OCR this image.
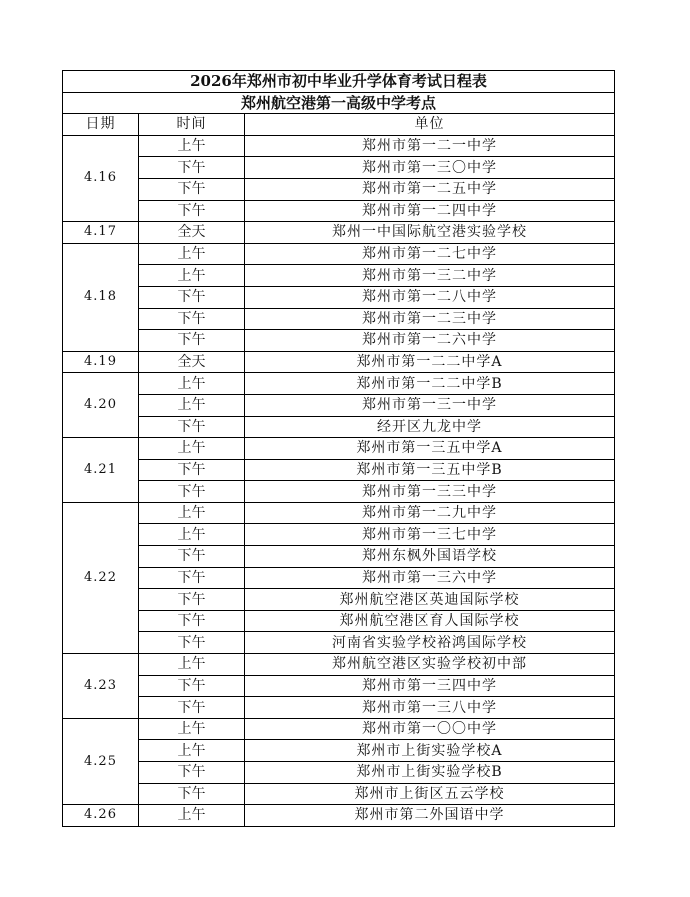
2026年郑州市初中毕业升学体育考试日程表		
郑州航空港第一高级中学考点		
日期	时间	单位
4.16	上午	郑州市第一二一中学
	下午	郑州市第一三〇中学
	下午	郑州市第一二五中学
	下午	郑州市第一二四中学
4.17	全天	郑州一中国际航空港实验学校
4.18	上午	郑州市第一二七中学
	上午	郑州市第一三二中学
	下午	郑州市第一二八中学
	下午	郑州市第一二三中学
	下午	郑州市第一二六中学
4.19	全天	郑州市第一二二中学A
4.20	上午	郑州市第一二二中学B
	上午	郑州市第一三一中学
	下午	经开区九龙中学
4.21	上午	郑州市第一三五中学A
	下午	郑州市第一三五中学B
	下午	郑州市第一三三中学
4.22	上午	郑州市第一二九中学
	上午	郑州市第一三七中学
	下午	郑州东枫外国语学校
	下午	郑州市第一三六中学
	下午	郑州航空港区英迪国际学校
	下午	郑州航空港区育人国际学校
	下午	河南省实验学校裕鸿国际学校
4.23	上午	郑州航空港区实验学校初中部
	下午	郑州市第一三四中学
	下午	郑州市第一三八中学
4.25	上午	郑州市第一〇〇中学
	上午	郑州市上街实验学校A
	下午	郑州市上街实验学校B
	下午	郑州市上街区五云学校
4.26	上午	郑州市第二外国语中学
